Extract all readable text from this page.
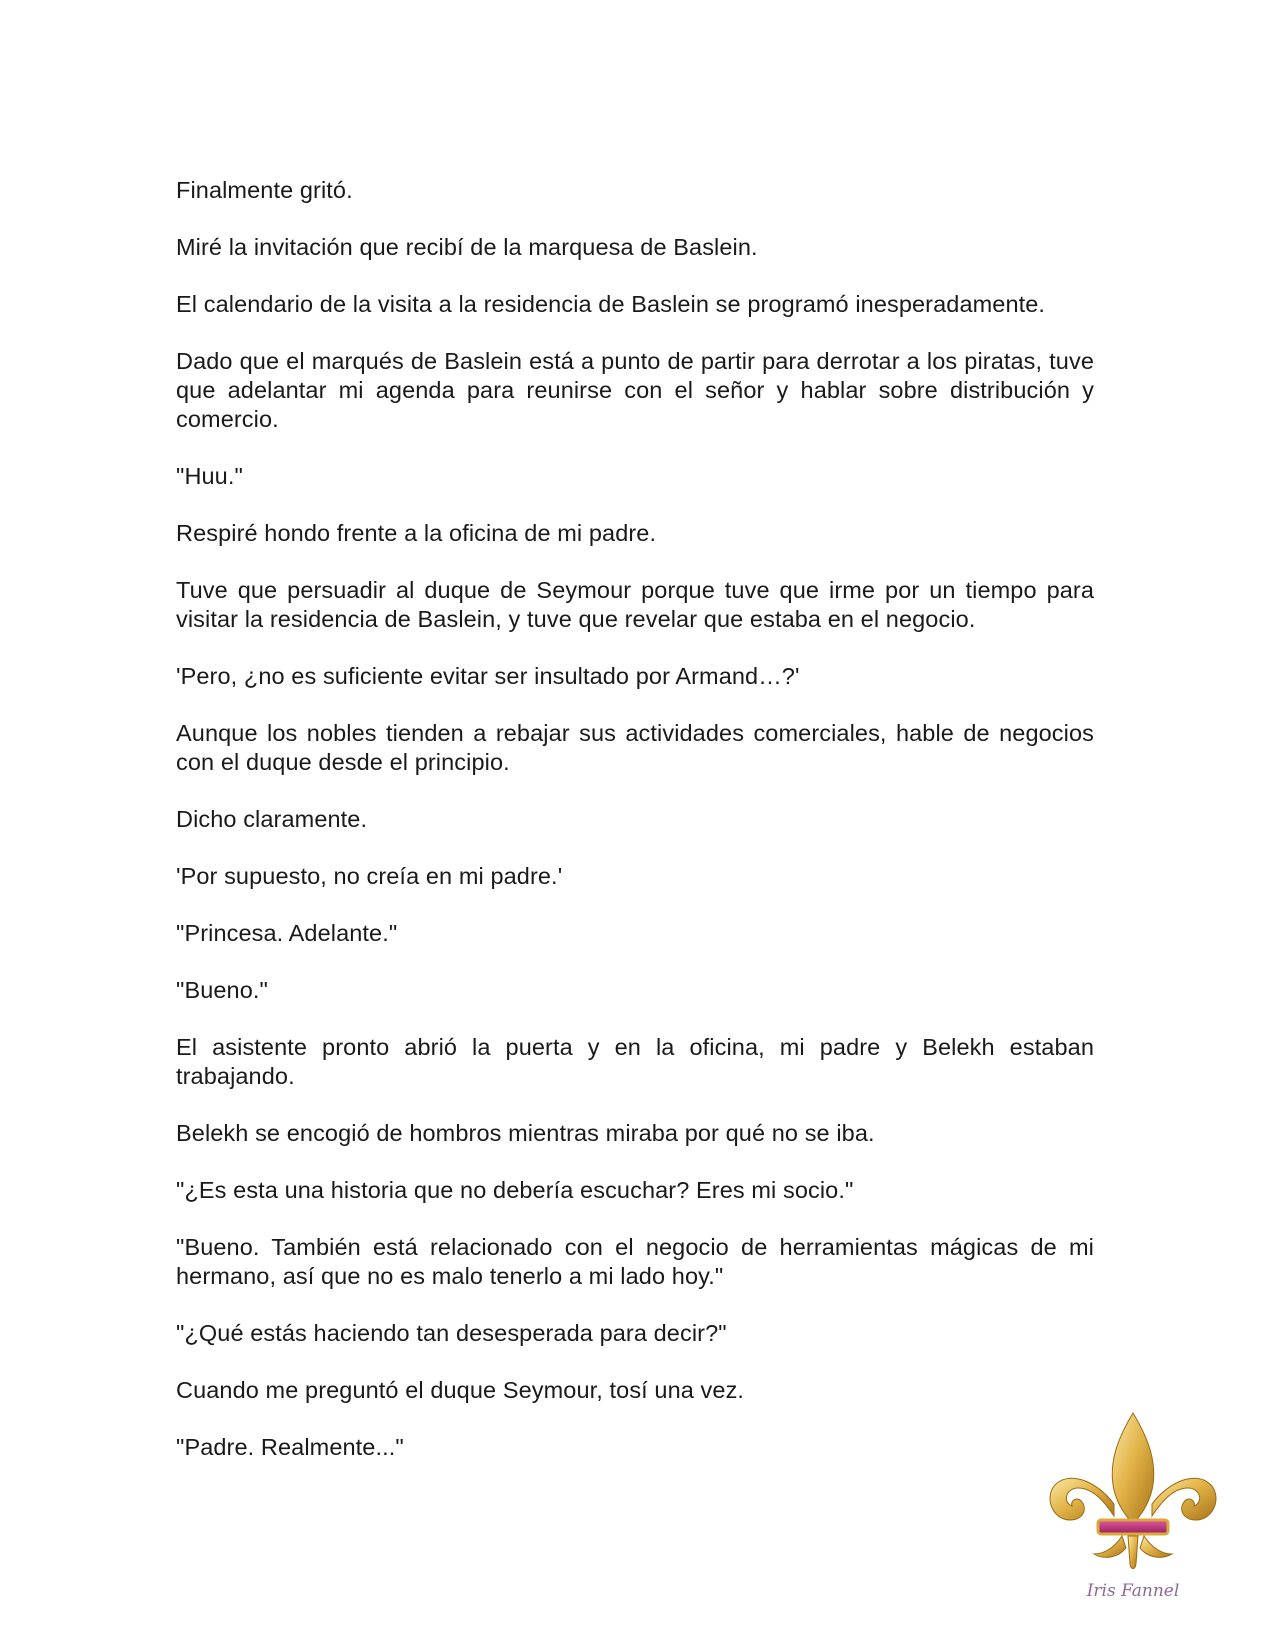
Finalmente gritó.

Miré la invitación que recibí de la marquesa de Baslein.

El calendario de la visita a la residencia de Baslein se programó inesperadamente.

Dado que el marqués de Baslein está a punto de partir para derrotar a los piratas, tuve que adelantar mi agenda para reunirse con el señor y hablar sobre distribución y comercio.

"Huu."

Respiré hondo frente a la oficina de mi padre.

Tuve que persuadir al duque de Seymour porque tuve que irme por un tiempo para visitar la residencia de Baslein, y tuve que revelar que estaba en el negocio.

'Pero, ¿no es suficiente evitar ser insultado por Armand…?'

Aunque los nobles tienden a rebajar sus actividades comerciales, hable de negocios con el duque desde el principio.

Dicho claramente.

'Por supuesto, no creía en mi padre.'

"Princesa. Adelante."

"Bueno."

El asistente pronto abrió la puerta y en la oficina, mi padre y Belekh estaban trabajando.

Belekh se encogió de hombros mientras miraba por qué no se iba.

"¿Es esta una historia que no debería escuchar? Eres mi socio."

"Bueno. También está relacionado con el negocio de herramientas mágicas de mi hermano, así que no es malo tenerlo a mi lado hoy."

"¿Qué estás haciendo tan desesperada para decir?"

Cuando me preguntó el duque Seymour, tosí una vez.

"Padre. Realmente..."

Iris Fannel
